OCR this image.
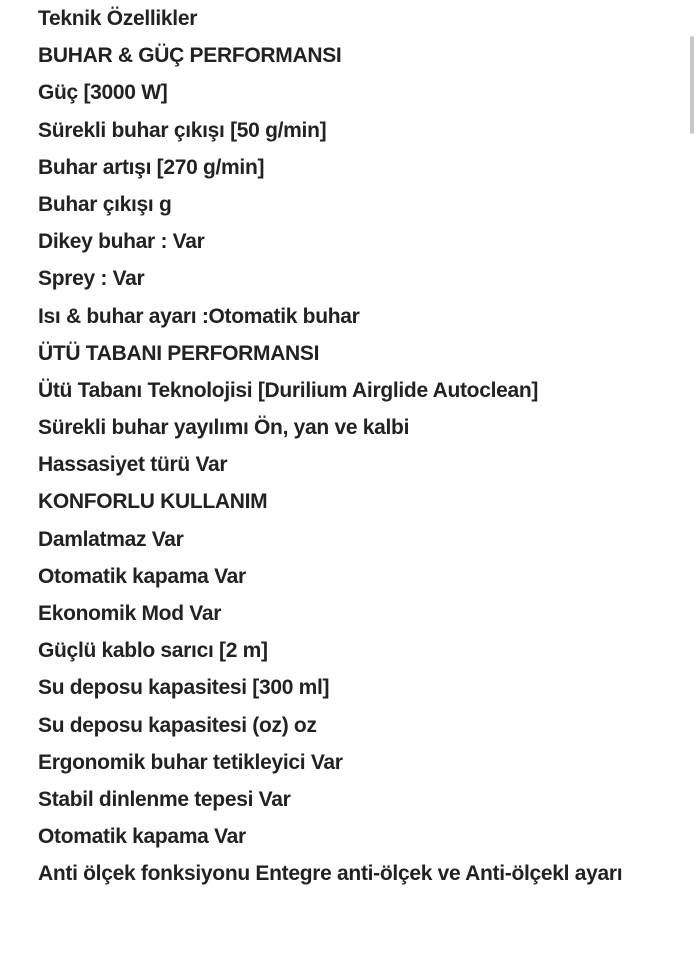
Teknik Özellikler
BUHAR & GÜÇ PERFORMANSI
Güç [3000 W]
Sürekli buhar çıkışı [50 g/min]
Buhar artışı [270 g/min]
Buhar çıkışı g
Dikey buhar : Var
Sprey : Var
Isı & buhar ayarı :Otomatik buhar
ÜTÜ TABANI PERFORMANSI
Ütü Tabanı Teknolojisi [Durilium Airglide Autoclean]
Sürekli buhar yayılımı Ön, yan ve kalbi
Hassasiyet türü Var
KONFORLU KULLANIM
Damlatmaz Var
Otomatik kapama Var
Ekonomik Mod Var
Güçlü kablo sarıcı [2 m]
Su deposu kapasitesi [300 ml]
Su deposu kapasitesi (oz) oz
Ergonomik buhar tetikleyici Var
Stabil dinlenme tepesi Var
Otomatik kapama Var
Anti ölçek fonksiyonu Entegre anti-ölçek ve Anti-ölçekl ayarı
